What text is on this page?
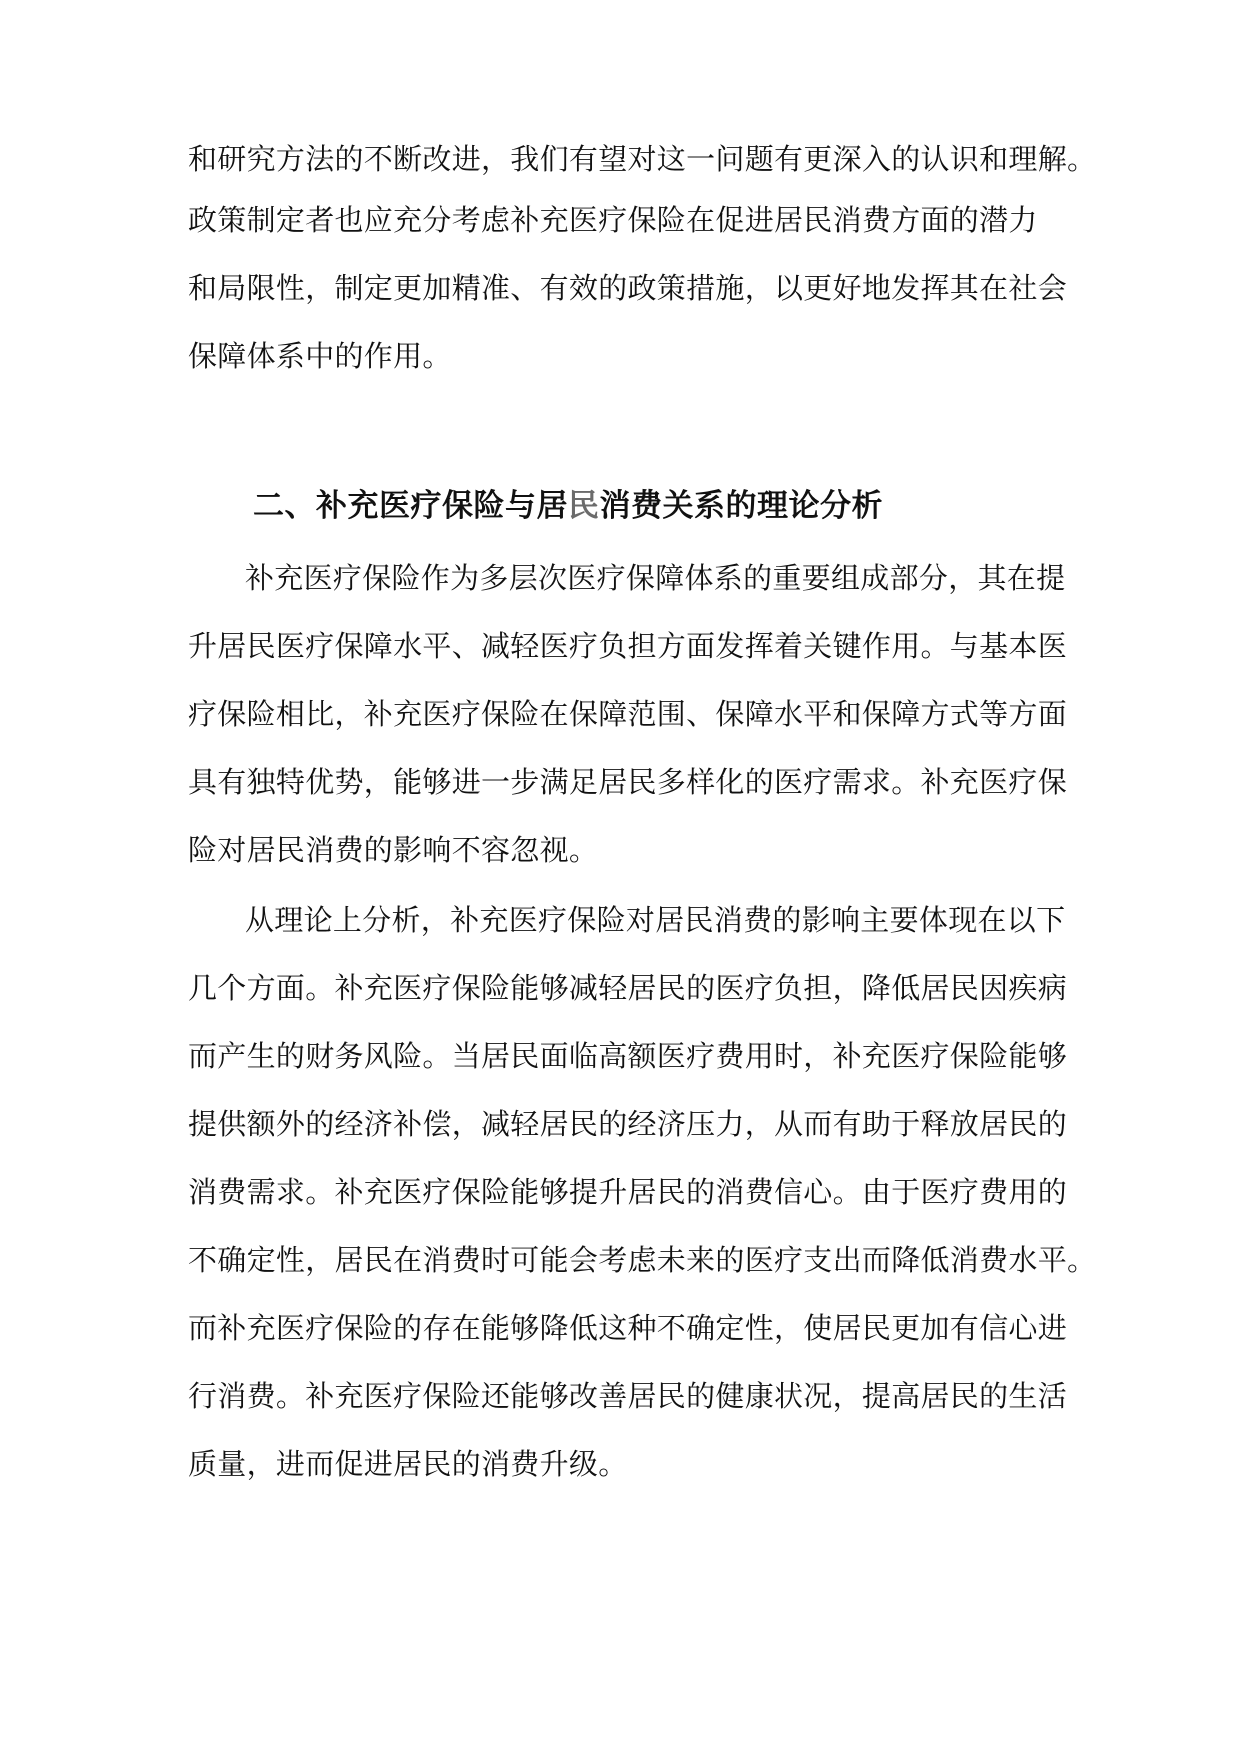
和研究方法的不断改进，我们有望对这一问题有更深入的认识和理解。
政策制定者也应充分考虑补充医疗保险在促进居民消费方面的潜力
和局限性，制定更加精准、有效的政策措施，以更好地发挥其在社会
保障体系中的作用。
二、补充医疗保险与居民消费关系的理论分析
补充医疗保险作为多层次医疗保障体系的重要组成部分，其在提
升居民医疗保障水平、减轻医疗负担方面发挥着关键作用。与基本医
疗保险相比，补充医疗保险在保障范围、保障水平和保障方式等方面
具有独特优势，能够进一步满足居民多样化的医疗需求。补充医疗保
险对居民消费的影响不容忽视。
从理论上分析，补充医疗保险对居民消费的影响主要体现在以下
几个方面。补充医疗保险能够减轻居民的医疗负担，降低居民因疾病
而产生的财务风险。当居民面临高额医疗费用时，补充医疗保险能够
提供额外的经济补偿，减轻居民的经济压力，从而有助于释放居民的
消费需求。补充医疗保险能够提升居民的消费信心。由于医疗费用的
不确定性，居民在消费时可能会考虑未来的医疗支出而降低消费水平。
而补充医疗保险的存在能够降低这种不确定性，使居民更加有信心进
行消费。补充医疗保险还能够改善居民的健康状况，提高居民的生活
质量，进而促进居民的消费升级。
